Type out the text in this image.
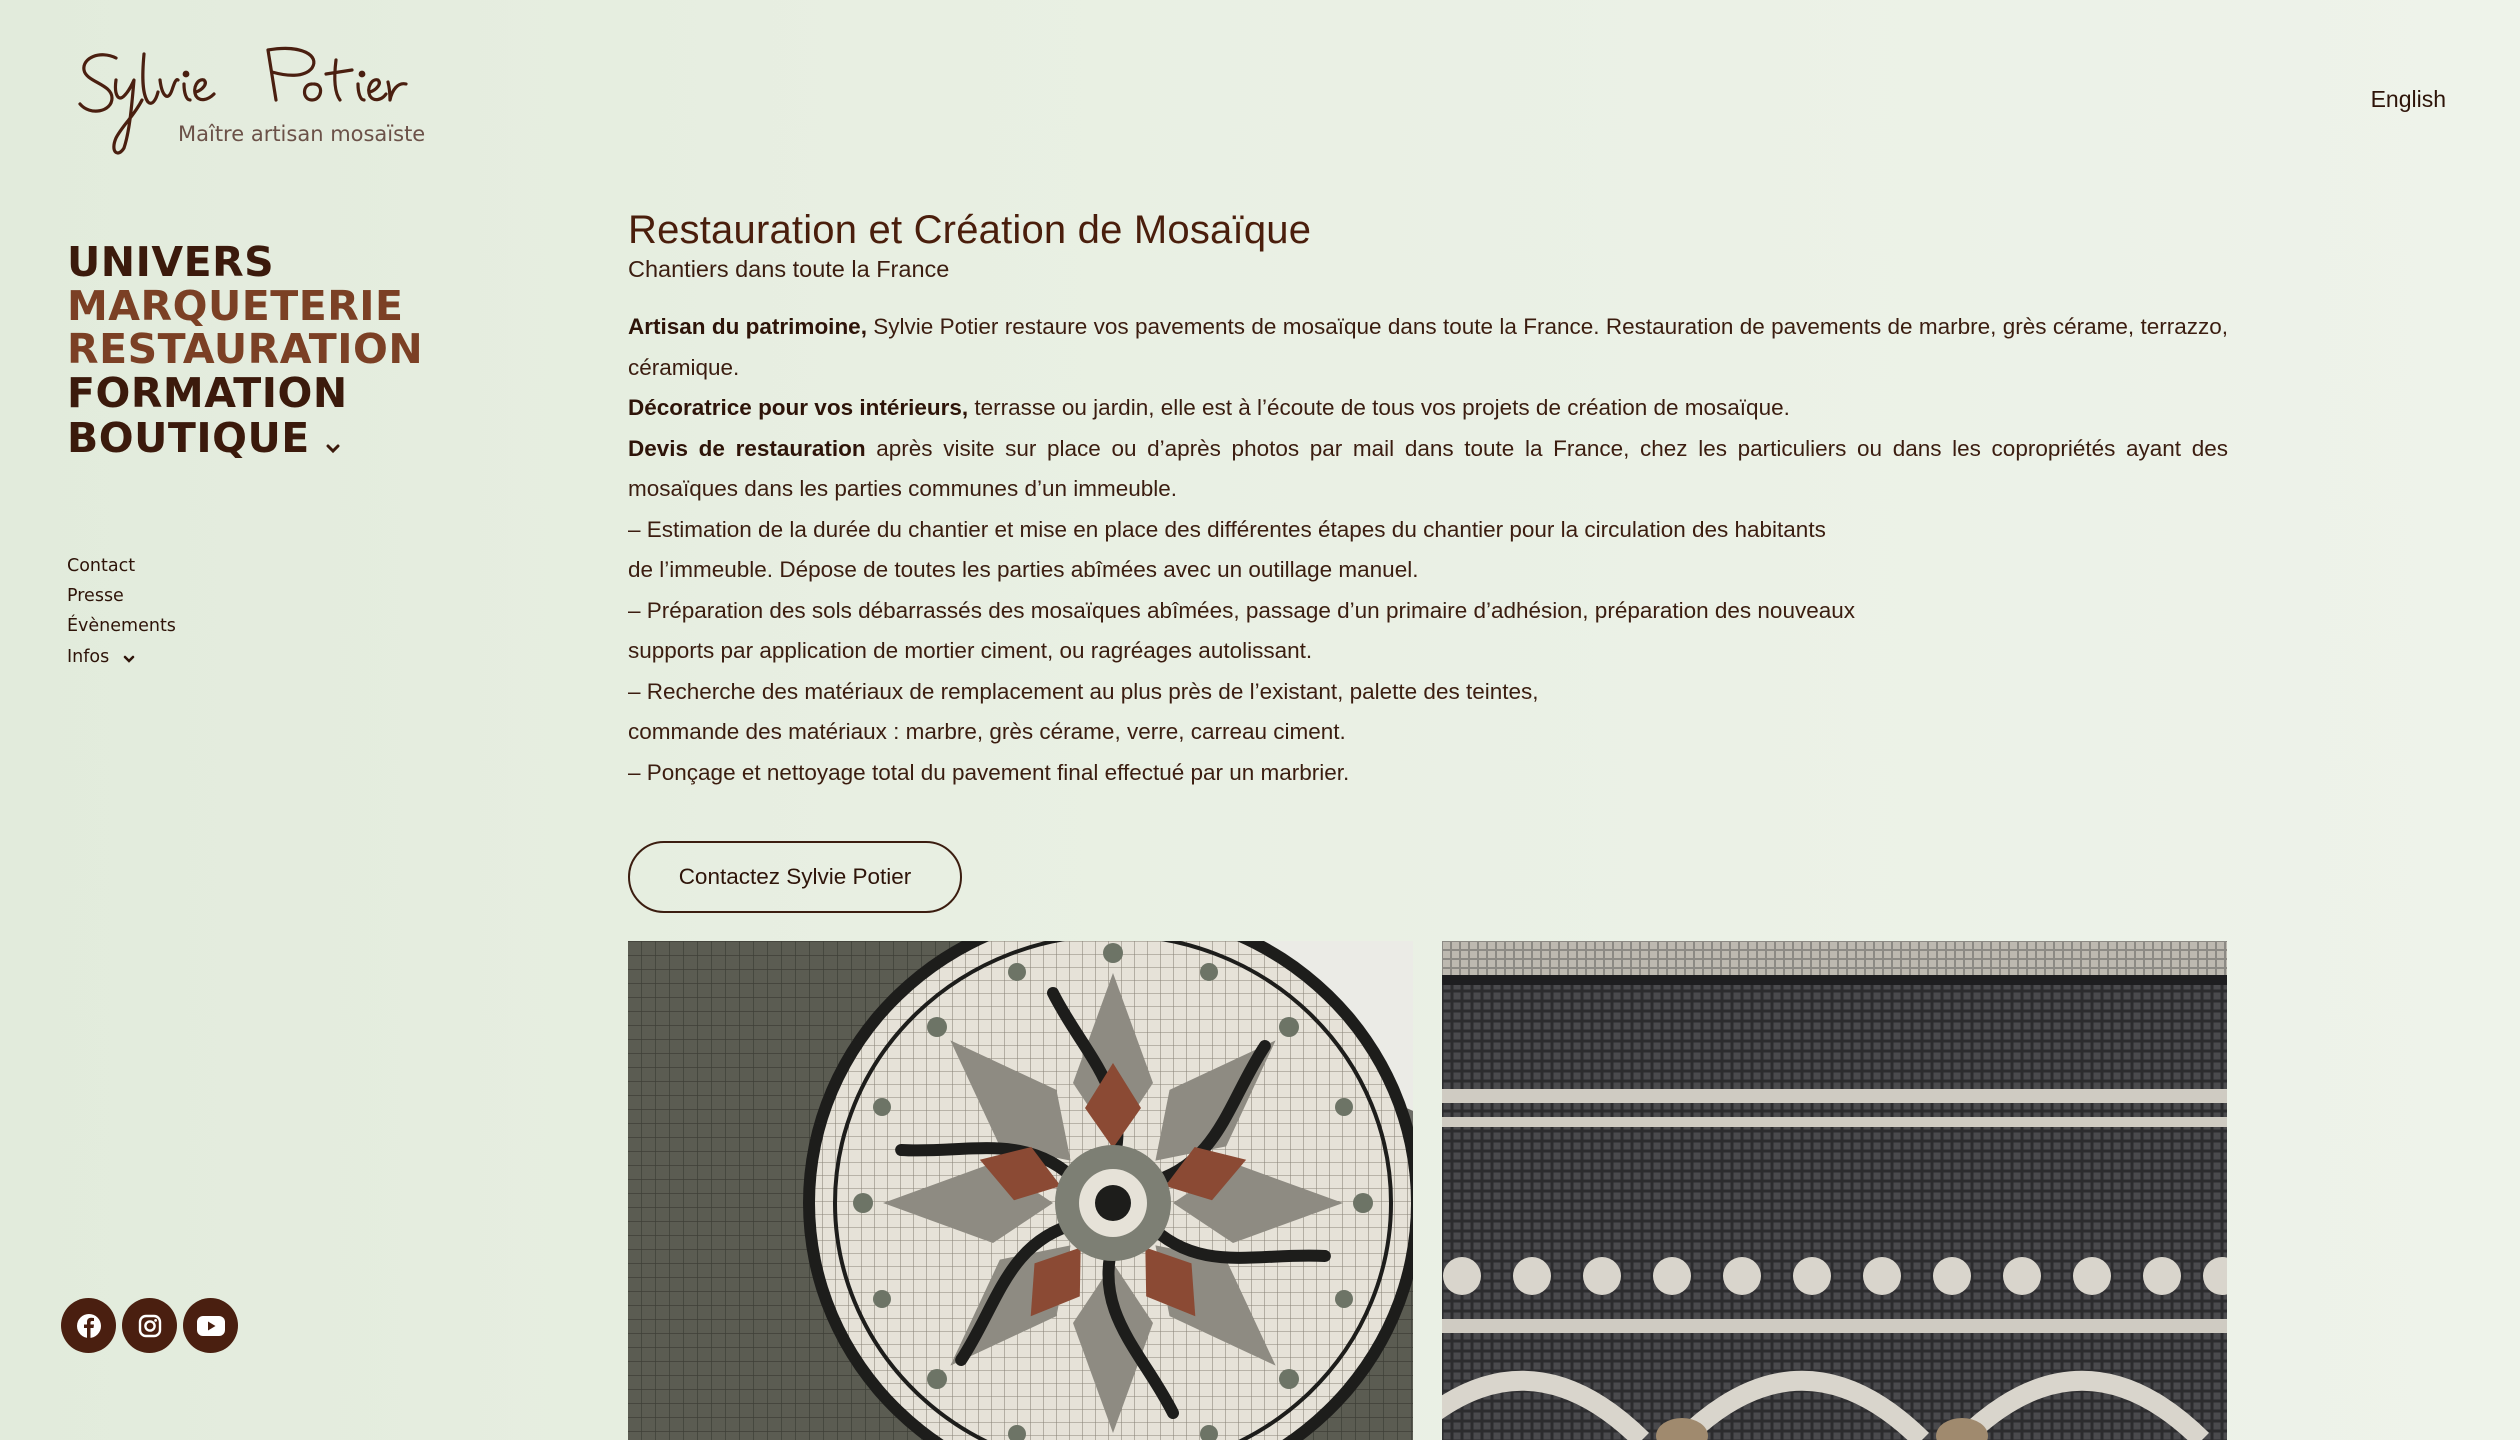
Maître artisan mosaïste
UNIVERS
MARQUETERIE
RESTAURATION
FORMATION
BOUTIQUE
Contact
Presse
Évènements
Infos
English
Restauration et Création de Mosaïque
Chantiers dans toute la France

Artisan du patrimoine, Sylvie Potier restaure vos pavements de mosaïque dans toute la France. Restauration de pavements de marbre, grès cérame, terrazzo, céramique.

Décoratrice pour vos intérieurs, terrasse ou jardin, elle est à l’écoute de tous vos projets de création de mosaïque.

Devis de restauration après visite sur place ou d’après photos par mail dans toute la France, chez les particuliers ou dans les copropriétés ayant des mosaïques dans les parties communes d’un immeuble.

– Estimation de la durée du chantier et mise en place des différentes étapes du chantier pour la circulation des habitants

de l’immeuble. Dépose de toutes les parties abîmées avec un outillage manuel.

– Préparation des sols débarrassés des mosaïques abîmées, passage d’un primaire d’adhésion, préparation des nouveaux

supports par application de mortier ciment, ou ragréages autolissant.

– Recherche des matériaux de remplacement au plus près de l’existant, palette des teintes,

commande des matériaux : marbre, grès cérame, verre, carreau ciment.

– Ponçage et nettoyage total du pavement final effectué par un marbrier.

Contactez Sylvie Potier
